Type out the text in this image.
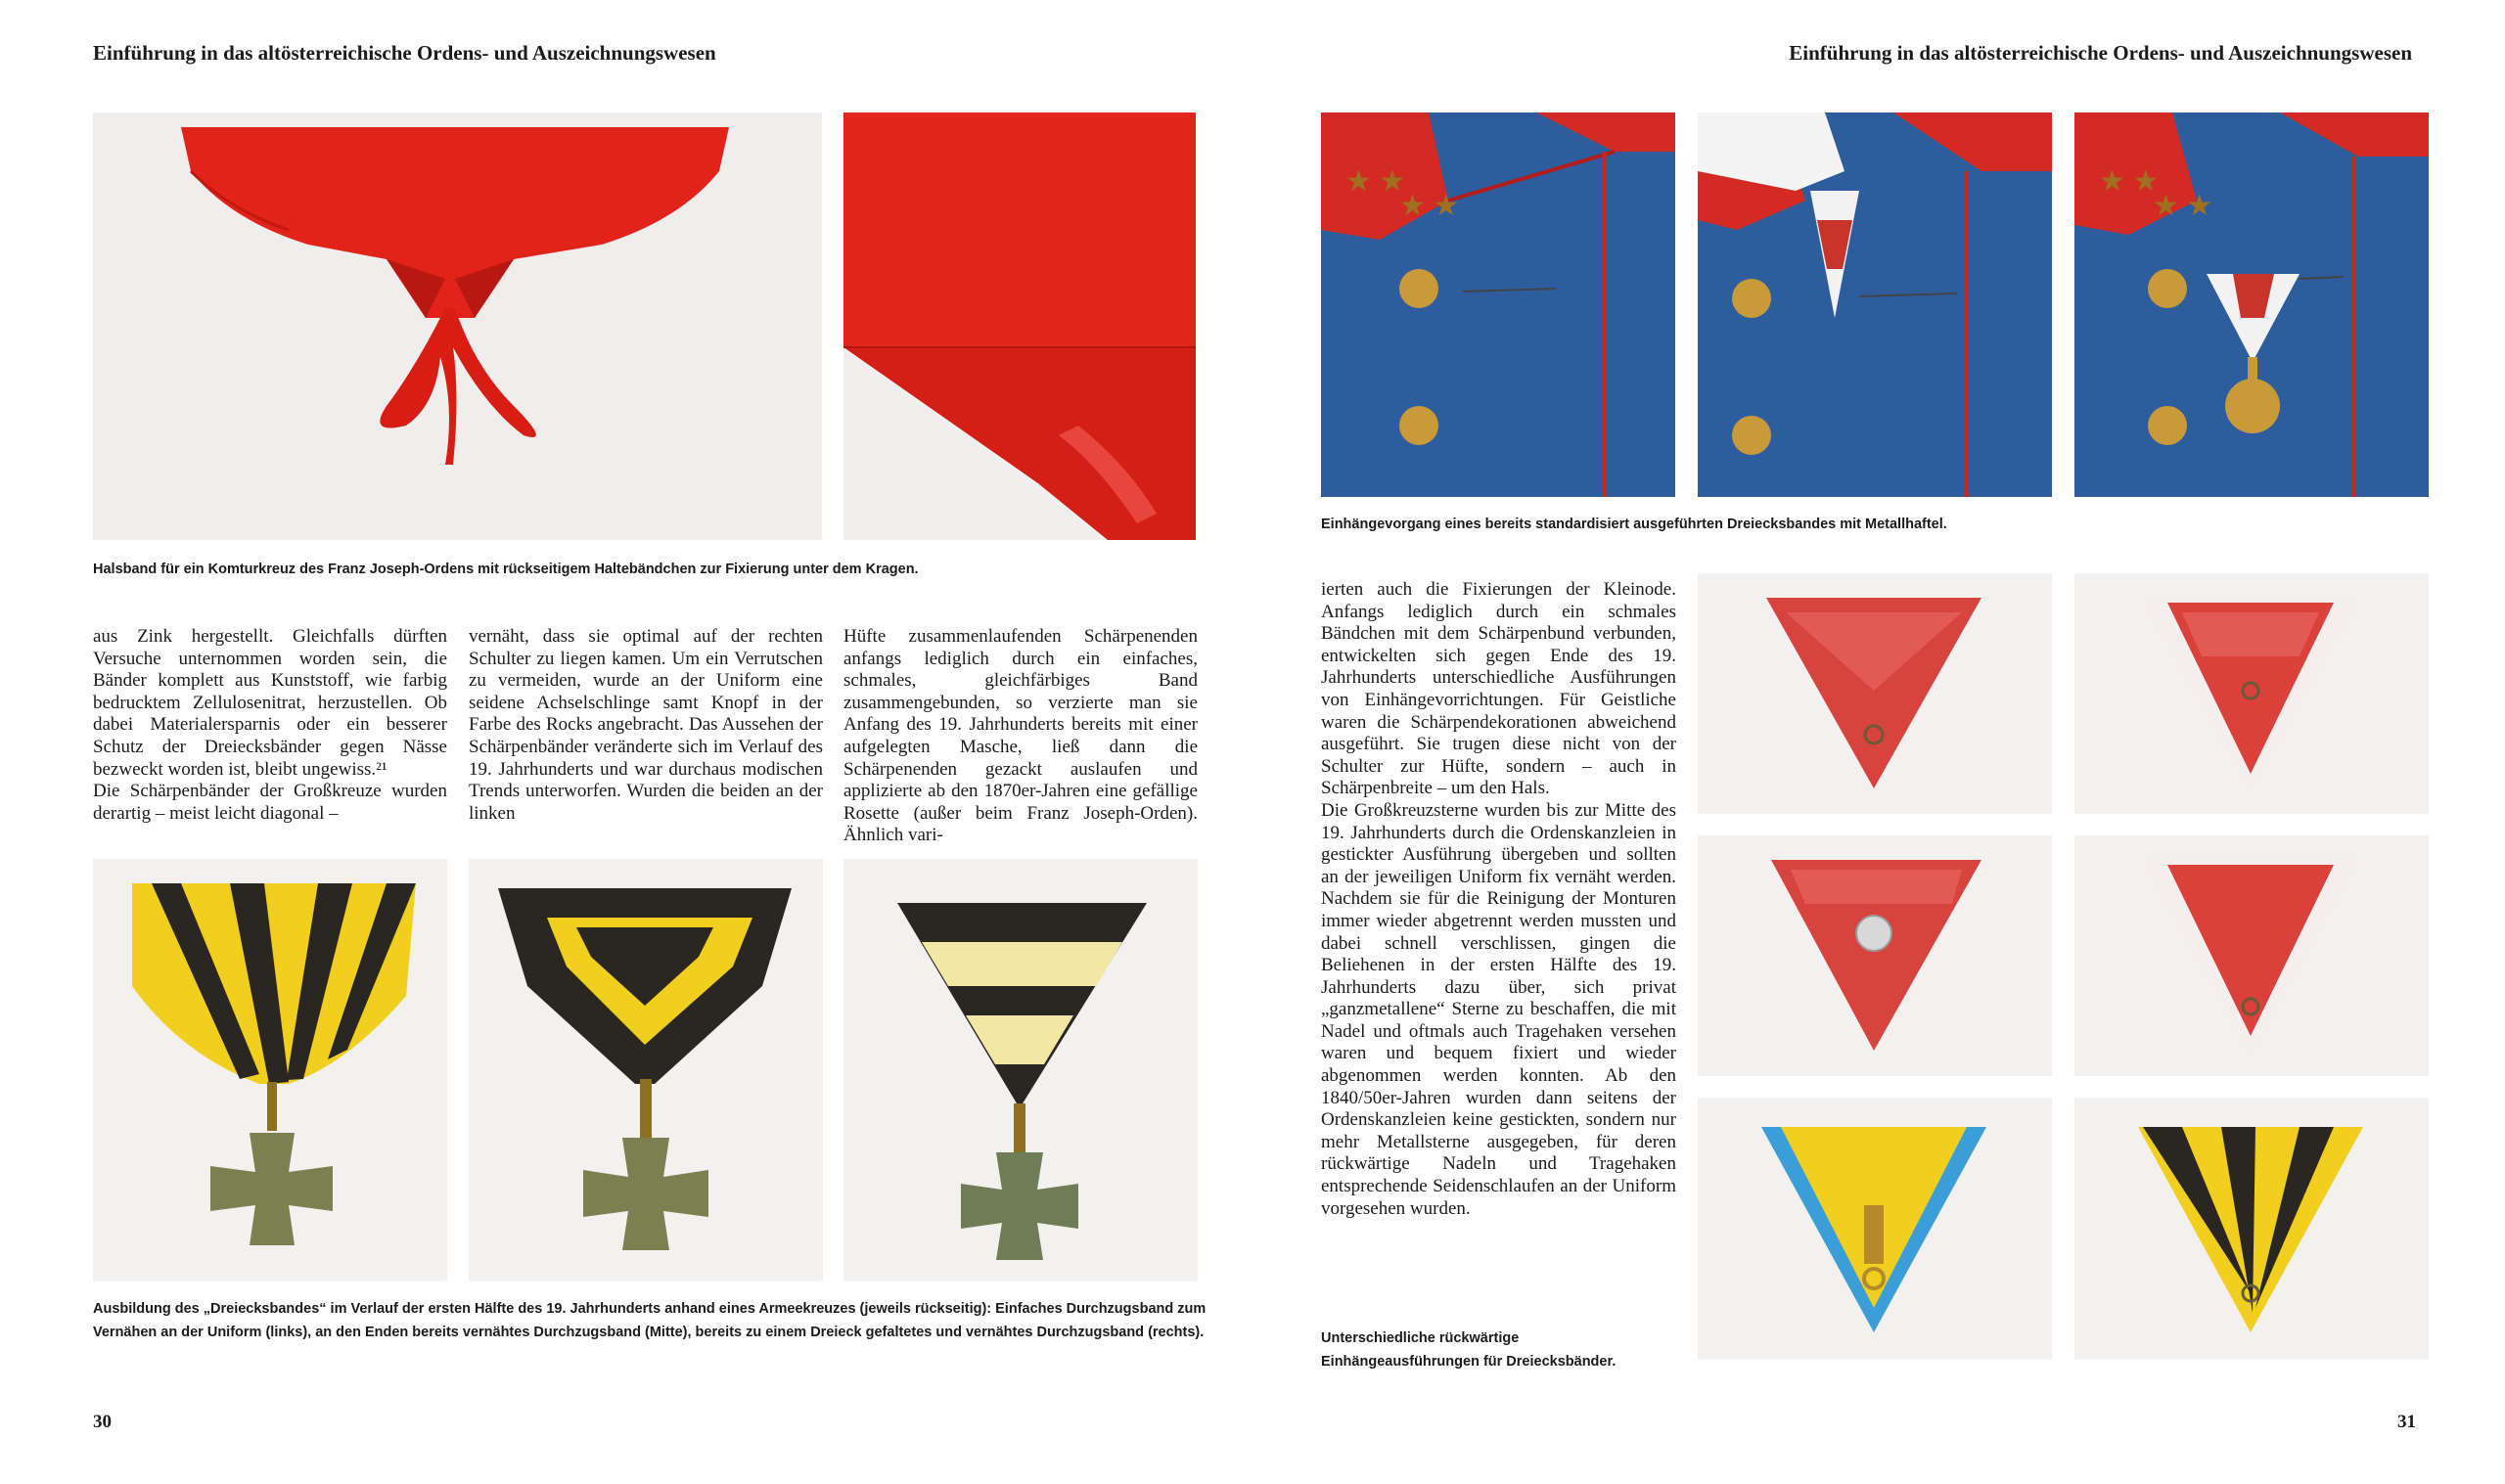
Einführung in das altösterreichische Ordens- und Auszeichnungswesen
Halsband für ein Komturkreuz des Franz Joseph-Ordens mit rückseitigem Haltebändchen zur Fixierung unter dem Kragen.

aus Zink hergestellt. Gleichfalls dürften Versuche unternommen worden sein, die Bänder komplett aus Kunststoff, wie farbig bedrucktem Zellulosenitrat, herzustellen. Ob dabei Materialersparnis oder ein besserer Schutz der Dreiecksbänder gegen Nässe bezweckt worden ist, bleibt ungewiss.²¹

Die Schärpenbänder der Großkreuze wurden derartig – meist leicht diagonal –

vernäht, dass sie optimal auf der rechten Schulter zu liegen kamen. Um ein Verrutschen zu vermeiden, wurde an der Uniform eine seidene Achselschlinge samt Knopf in der Farbe des Rocks angebracht. Das Aussehen der Schärpenbänder veränderte sich im Verlauf des 19. Jahrhunderts und war durchaus modischen Trends unterworfen. Wurden die beiden an der linken

Hüfte zusammenlaufenden Schärpenenden anfangs lediglich durch ein einfaches, schmales, gleichfärbiges Band zusammengebunden, so verzierte man sie Anfang des 19. Jahrhunderts bereits mit einer aufgelegten Masche, ließ dann die Schärpenenden gezackt auslaufen und applizierte ab den 1870er-Jahren eine gefällige Rosette (außer beim Franz Joseph-Orden). Ähnlich vari-

Ausbildung des „Dreiecksbandes“ im Verlauf der ersten Hälfte des 19. Jahrhunderts anhand eines Armeekreuzes (jeweils rückseitig): Einfaches Durchzugsband zum Vernähen an der Uniform (links), an den Enden bereits vernähtes Durchzugsband (Mitte), bereits zu einem Dreieck gefaltetes und vernähtes Durchzugsband (rechts).
30
Einführung in das altösterreichische Ordens- und Auszeichnungswesen
★ ★
★ ★
★ ★
★ ★
Einhängevorgang eines bereits standardisiert ausgeführten Dreiecksbandes mit Metallhaftel.

ierten auch die Fixierungen der Kleinode. Anfangs lediglich durch ein schmales Bändchen mit dem Schärpenbund verbunden, entwickelten sich gegen Ende des 19. Jahrhunderts unterschiedliche Ausführungen von Einhängevorrichtungen. Für Geistliche waren die Schärpendekorationen abweichend ausgeführt. Sie trugen diese nicht von der Schulter zur Hüfte, sondern – auch in Schärpenbreite – um den Hals.

Die Großkreuzsterne wurden bis zur Mitte des 19. Jahrhunderts durch die Ordenskanzleien in gestickter Ausführung übergeben und sollten an der jeweiligen Uniform fix vernäht werden. Nachdem sie für die Reinigung der Monturen immer wieder abgetrennt werden mussten und dabei schnell verschlissen, gingen die Beliehenen in der ersten Hälfte des 19. Jahrhunderts dazu über, sich privat „ganzmetallene“ Sterne zu beschaffen, die mit Nadel und oftmals auch Tragehaken versehen waren und bequem fixiert und wieder abgenommen werden konnten. Ab den 1840/50er-Jahren wurden dann seitens der Ordenskanzleien keine gestickten, sondern nur mehr Metallsterne ausgegeben, für deren rückwärtige Nadeln und Tragehaken entsprechende Seidenschlaufen an der Uniform vorgesehen wurden.

Unterschiedliche rückwärtige Einhängeausführungen für Dreiecksbänder.
31
